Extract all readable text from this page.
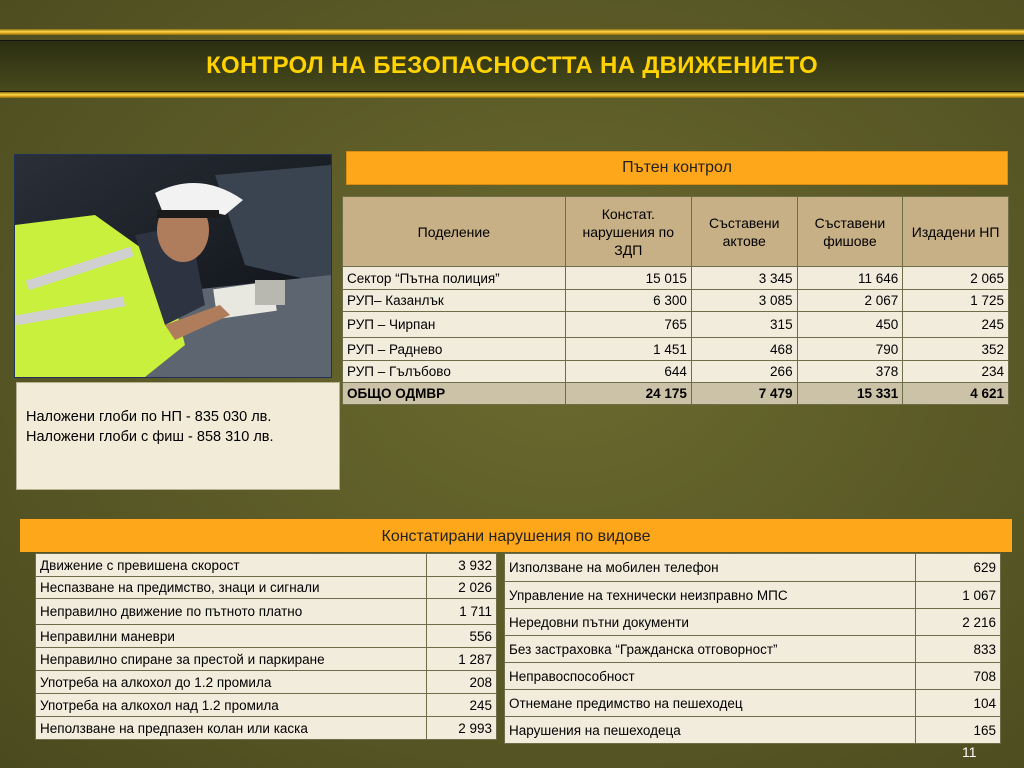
КОНТРОЛ НА БЕЗОПАСНОСТТА НА ДВИЖЕНИЕТО
Наложени глоби по НП - 835 030 лв.
Наложени глоби с фиш - 858 310 лв.
Пътен контрол
Поделение	Констат. нарушения по ЗДП	Съставени актове	Съставени фишове	Издадени НП
Сектор “Пътна полиция”	15 015	3 345	11 646	2 065
РУП– Казанлък	6 300	3 085	2 067	1 725
РУП – Чирпан	765	315	450	245
РУП – Раднево	1 451	468	790	352
РУП – Гълъбово	644	266	378	234
ОБЩО ОДМВР	24 175	7 479	15 331	4 621
Констатирани нарушения по видове
Движение с превишена скорост	3 932
Неспазване на предимство, знаци и сигнали	2 026
Неправилно движение по пътното платно	1 711
Неправилни маневри	556
Неправилно спиране за престой и паркиране	1 287
Употреба на алкохол до 1.2 промила	208
Употреба на алкохол над 1.2 промила	245
Неползване на предпазен колан или каска	2 993
Използване на мобилен телефон	629
Управление на технически неизправно МПС	1 067
Нередовни пътни документи	2 216
Без застраховка “Гражданска отговорност”	833
Неправоспособност	708
Отнемане предимство на пешеходец	104
Нарушения на пешеходеца	165
11
